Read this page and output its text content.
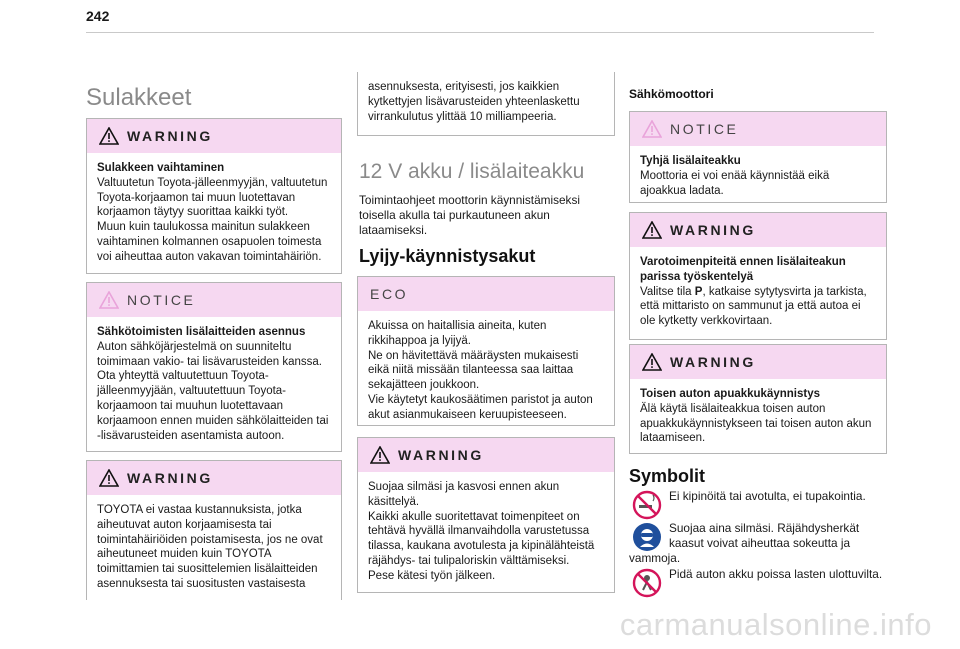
242
Sulakkeet
WARNING
Sulakkeen vaihtaminen
Valtuutetun Toyota-jälleenmyyjän, valtuutetun
Toyota-korjaamon tai muun luotettavan
korjaamon täytyy suorittaa kaikki työt.
Muun kuin taulukossa mainitun sulakkeen
vaihtaminen kolmannen osapuolen toimesta
voi aiheuttaa auton vakavan toimintahäiriön.
NOTICE
Sähkötoimisten lisälaitteiden asennus
Auton sähköjärjestelmä on suunniteltu
toimimaan vakio- tai lisävarusteiden kanssa.
Ota yhteyttä valtuutettuun Toyota-
jälleenmyyjään, valtuutettuun Toyota-
korjaamoon tai muuhun luotettavaan
korjaamoon ennen muiden sähkölaitteiden tai
-lisävarusteiden asentamista autoon.
WARNING
TOYOTA ei vastaa kustannuksista, jotka
aiheutuvat auton korjaamisesta tai
toimintahäiriöiden poistamisesta, jos ne ovat
aiheutuneet muiden kuin TOYOTA
toimittamien tai suosittelemien lisälaitteiden
asennuksesta tai suositusten vastaisesta
asennuksesta, erityisesti, jos kaikkien
kytkettyjen lisävarusteiden yhteenlaskettu
virrankulutus ylittää 10 milliampeeria.
12 V akku / lisälaiteakku
Toimintaohjeet moottorin käynnistämiseksi
toisella akulla tai purkautuneen akun
lataamiseksi.
Lyijy-käynnistysakut
ECO
Akuissa on haitallisia aineita, kuten
rikkihappoa ja lyijyä.
Ne on hävitettävä määräysten mukaisesti
eikä niitä missään tilanteessa saa laittaa
sekajätteen joukkoon.
Vie käytetyt kaukosäätimen paristot ja auton
akut asianmukaiseen keruupisteeseen.
WARNING
Suojaa silmäsi ja kasvosi ennen akun
käsittelyä.
Kaikki akulle suoritettavat toimenpiteet on
tehtävä hyvällä ilmanvaihdolla varustetussa
tilassa, kaukana avotulesta ja kipinälähteistä
räjähdys- tai tulipaloriskin välttämiseksi.
Pese kätesi työn jälkeen.
Sähkömoottori
NOTICE
Tyhjä lisälaiteakku
Moottoria ei voi enää käynnistää eikä
ajoakkua ladata.
WARNING
Varotoimenpiteitä ennen lisälaiteakun
parissa työskentelyä
Valitse tila P, katkaise sytytysvirta ja tarkista,
että mittaristo on sammunut ja että autoa ei
ole kytketty verkkovirtaan.
WARNING
Toisen auton apuakkukäynnistys
Älä käytä lisälaiteakkua toisen auton
apuakkukäynnistykseen tai toisen auton akun
lataamiseen.
Symbolit
Ei kipinöitä tai avotulta, ei tupakointia.
Suojaa aina silmäsi. Räjähdysherkät
kaasut voivat aiheuttaa sokeutta ja
vammoja.
Pidä auton akku poissa lasten ulottuvilta.
carmanualsonline.info
